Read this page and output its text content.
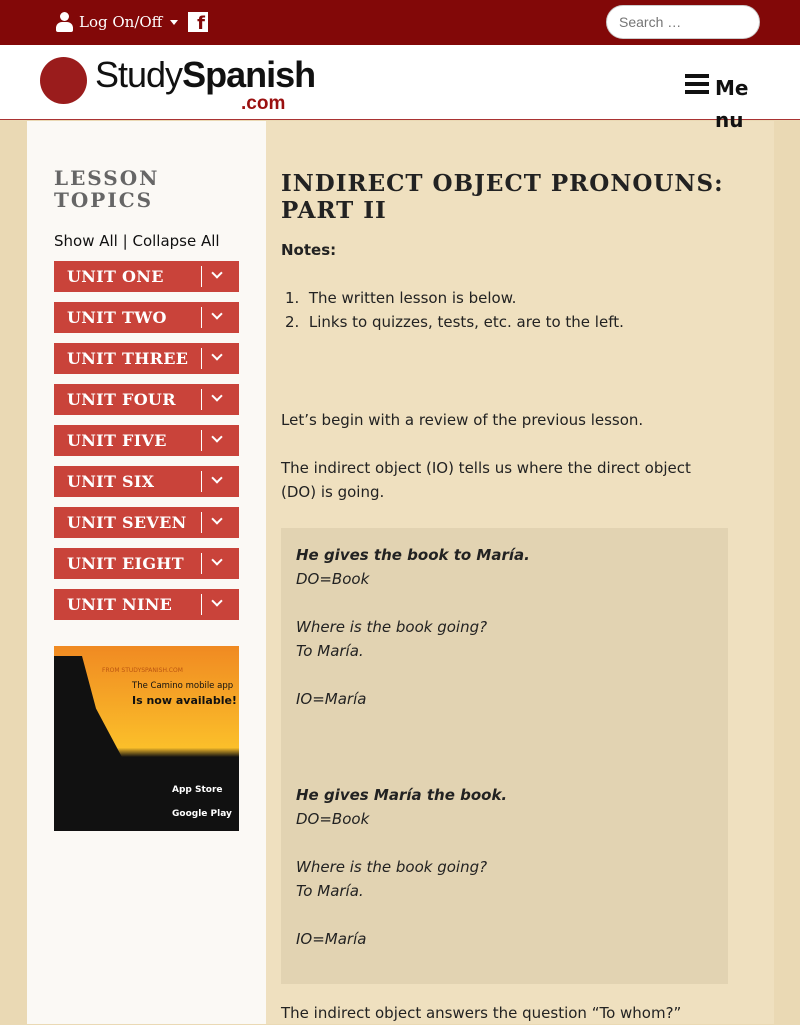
Log On/Off	f
Search …
StudySpanish
.com
Menu
LESSON TOPICS
Show All | Collapse All
UNIT ONE
UNIT TWO
UNIT THREE
UNIT FOUR
UNIT FIVE
UNIT SIX
UNIT SEVEN
UNIT EIGHT
UNIT NINE
FROM STUDYSPANISH.COM
The Camino mobile app
Is now available!
App Store
Google Play
INDIRECT OBJECT PRONOUNS: PART II
Notes:
1.  The written lesson is below.
2.  Links to quizzes, tests, etc. are to the left.
Let’s begin with a review of the previous lesson.
The indirect object (IO) tells us where the direct object (DO) is going.
He gives the book to María.
DO=Book
Where is the book going?
To María.
IO=María
He gives María the book.
DO=Book
Where is the book going?
To María.
IO=María
The indirect object answers the question “To whom?”
